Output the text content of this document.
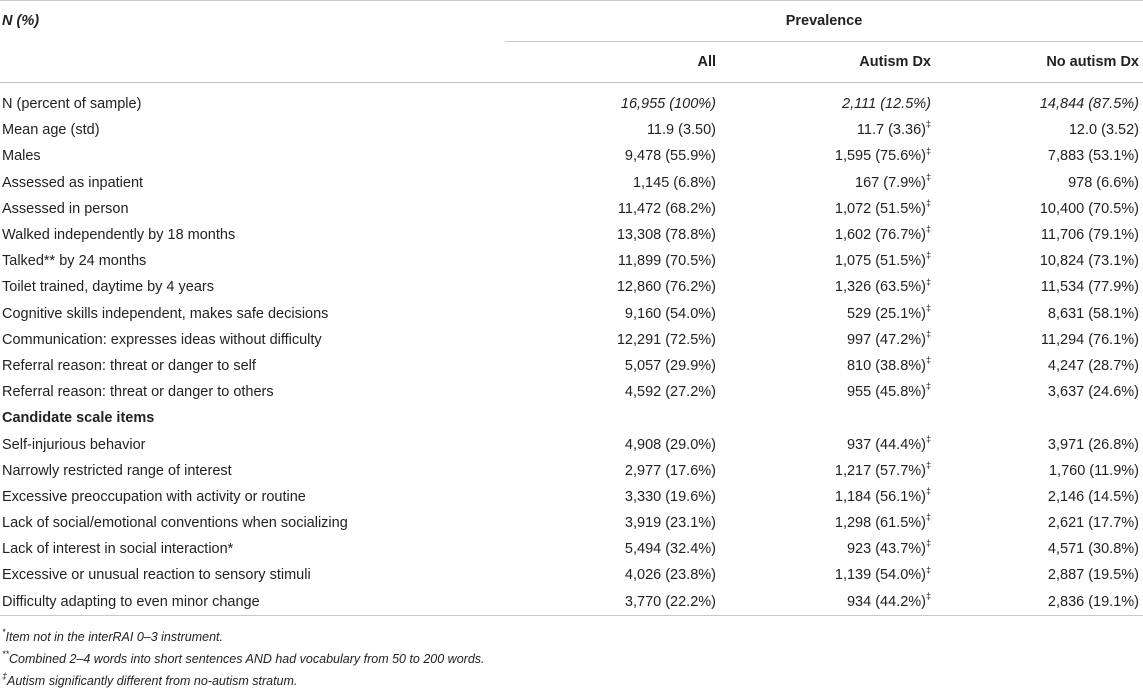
N (%)	Prevalence		
	All	Autism Dx	No autism Dx

N (percent of sample)	16,955 (100%)	2,111 (12.5%)	14,844 (87.5%)
Mean age (std)	11.9 (3.50)	11.7 (3.36)‡	12.0 (3.52)
Males	9,478 (55.9%)	1,595 (75.6%)‡	7,883 (53.1%)
Assessed as inpatient	1,145 (6.8%)	167 (7.9%)‡	978 (6.6%)
Assessed in person	11,472 (68.2%)	1,072 (51.5%)‡	10,400 (70.5%)
Walked independently by 18 months	13,308 (78.8%)	1,602 (76.7%)‡	11,706 (79.1%)
Talked** by 24 months	11,899 (70.5%)	1,075 (51.5%)‡	10,824 (73.1%)
Toilet trained, daytime by 4 years	12,860 (76.2%)	1,326 (63.5%)‡	11,534 (77.9%)
Cognitive skills independent, makes safe decisions	9,160 (54.0%)	529 (25.1%)‡	8,631 (58.1%)
Communication: expresses ideas without difficulty	12,291 (72.5%)	997 (47.2%)‡	11,294 (76.1%)
Referral reason: threat or danger to self	5,057 (29.9%)	810 (38.8%)‡	4,247 (28.7%)
Referral reason: threat or danger to others	4,592 (27.2%)	955 (45.8%)‡	3,637 (24.6%)
Candidate scale items			
Self-injurious behavior	4,908 (29.0%)	937 (44.4%)‡	3,971 (26.8%)
Narrowly restricted range of interest	2,977 (17.6%)	1,217 (57.7%)‡	1,760 (11.9%)
Excessive preoccupation with activity or routine	3,330 (19.6%)	1,184 (56.1%)‡	2,146 (14.5%)
Lack of social/emotional conventions when socializing	3,919 (23.1%)	1,298 (61.5%)‡	2,621 (17.7%)
Lack of interest in social interaction*	5,494 (32.4%)	923 (43.7%)‡	4,571 (30.8%)
Excessive or unusual reaction to sensory stimuli	4,026 (23.8%)	1,139 (54.0%)‡	2,887 (19.5%)
Difficulty adapting to even minor change	3,770 (22.2%)	934 (44.2%)‡	2,836 (19.1%)
*Item not in the interRAI 0–3 instrument.
**Combined 2–4 words into short sentences AND had vocabulary from 50 to 200 words.
‡Autism significantly different from no-autism stratum.
